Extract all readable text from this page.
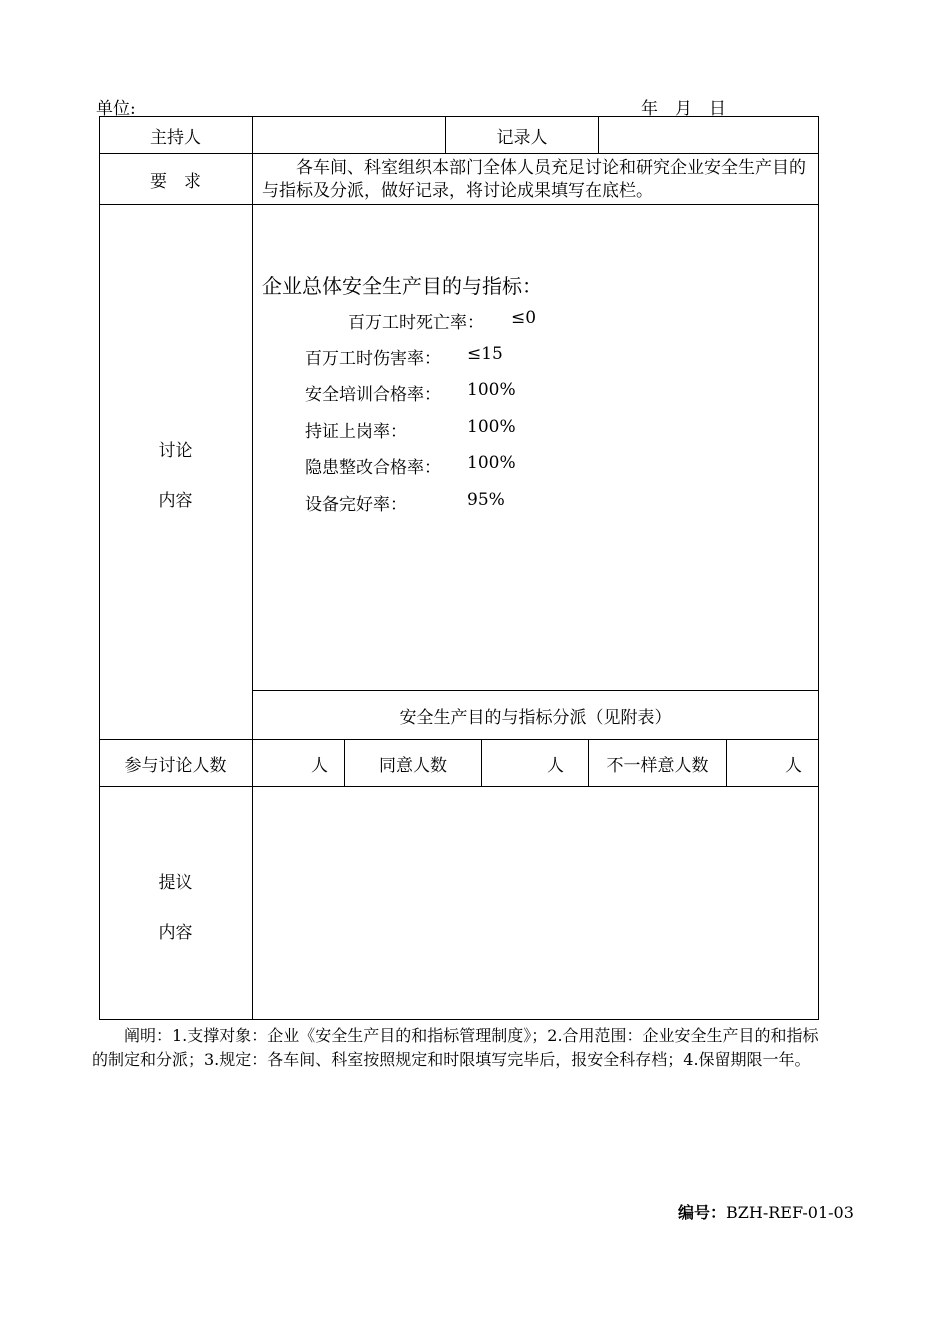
单位:	年　月　日
主持人	记录人
要　求
各车间、科室组织本部门全体人员充足讨论和研究企业安全生产目的与指标及分派，做好记录，将讨论成果填写在底栏。
讨论
内容
企业总体安全生产目的与指标：
百万工时死亡率： ≤0
百万工时伤害率： ≤15
安全培训合格率： 100%
持证上岗率：	100%
隐患整改合格率： 100%
设备完好率：	95%
安全生产目的与指标分派（见附表）
参与讨论人数	人	同意人数	人	不一样意人数	人
提议
内容
阐明：1.支撑对象：企业《安全生产目的和指标管理制度》；2.合用范围：企业安全生产目的和指标的制定和分派；3.规定：各车间、科室按照规定和时限填写完毕后，报安全科存档；4.保留期限一年。
编号：BZH-REF-01-03
